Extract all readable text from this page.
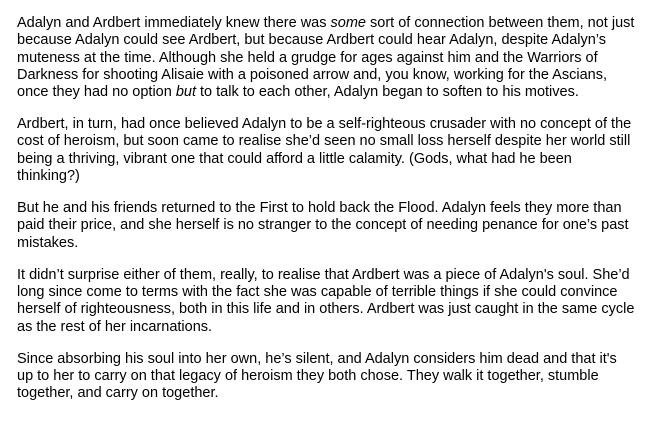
Adalyn and Ardbert immediately knew there was some sort of connection between them, not just
because Adalyn could see Ardbert, but because Ardbert could hear Adalyn, despite Adalyn’s
muteness at the time. Although she held a grudge for ages against him and the Warriors of
Darkness for shooting Alisaie with a poisoned arrow and, you know, working for the Ascians,
once they had no option but to talk to each other, Adalyn began to soften to his motives.

Ardbert, in turn, had once believed Adalyn to be a self-righteous crusader with no concept of the
cost of heroism, but soon came to realise she’d seen no small loss herself despite her world still
being a thriving, vibrant one that could afford a little calamity. (Gods, what had he been
thinking?)

But he and his friends returned to the First to hold back the Flood. Adalyn feels they more than
paid their price, and she herself is no stranger to the concept of needing penance for one’s past
mistakes.

It didn’t surprise either of them, really, to realise that Ardbert was a piece of Adalyn's soul. She’d
long since come to terms with the fact she was capable of terrible things if she could convince
herself of righteousness, both in this life and in others. Ardbert was just caught in the same cycle
as the rest of her incarnations.

Since absorbing his soul into her own, he’s silent, and Adalyn considers him dead and that it's
up to her to carry on that legacy of heroism they both chose. They walk it together, stumble
together, and carry on together.
